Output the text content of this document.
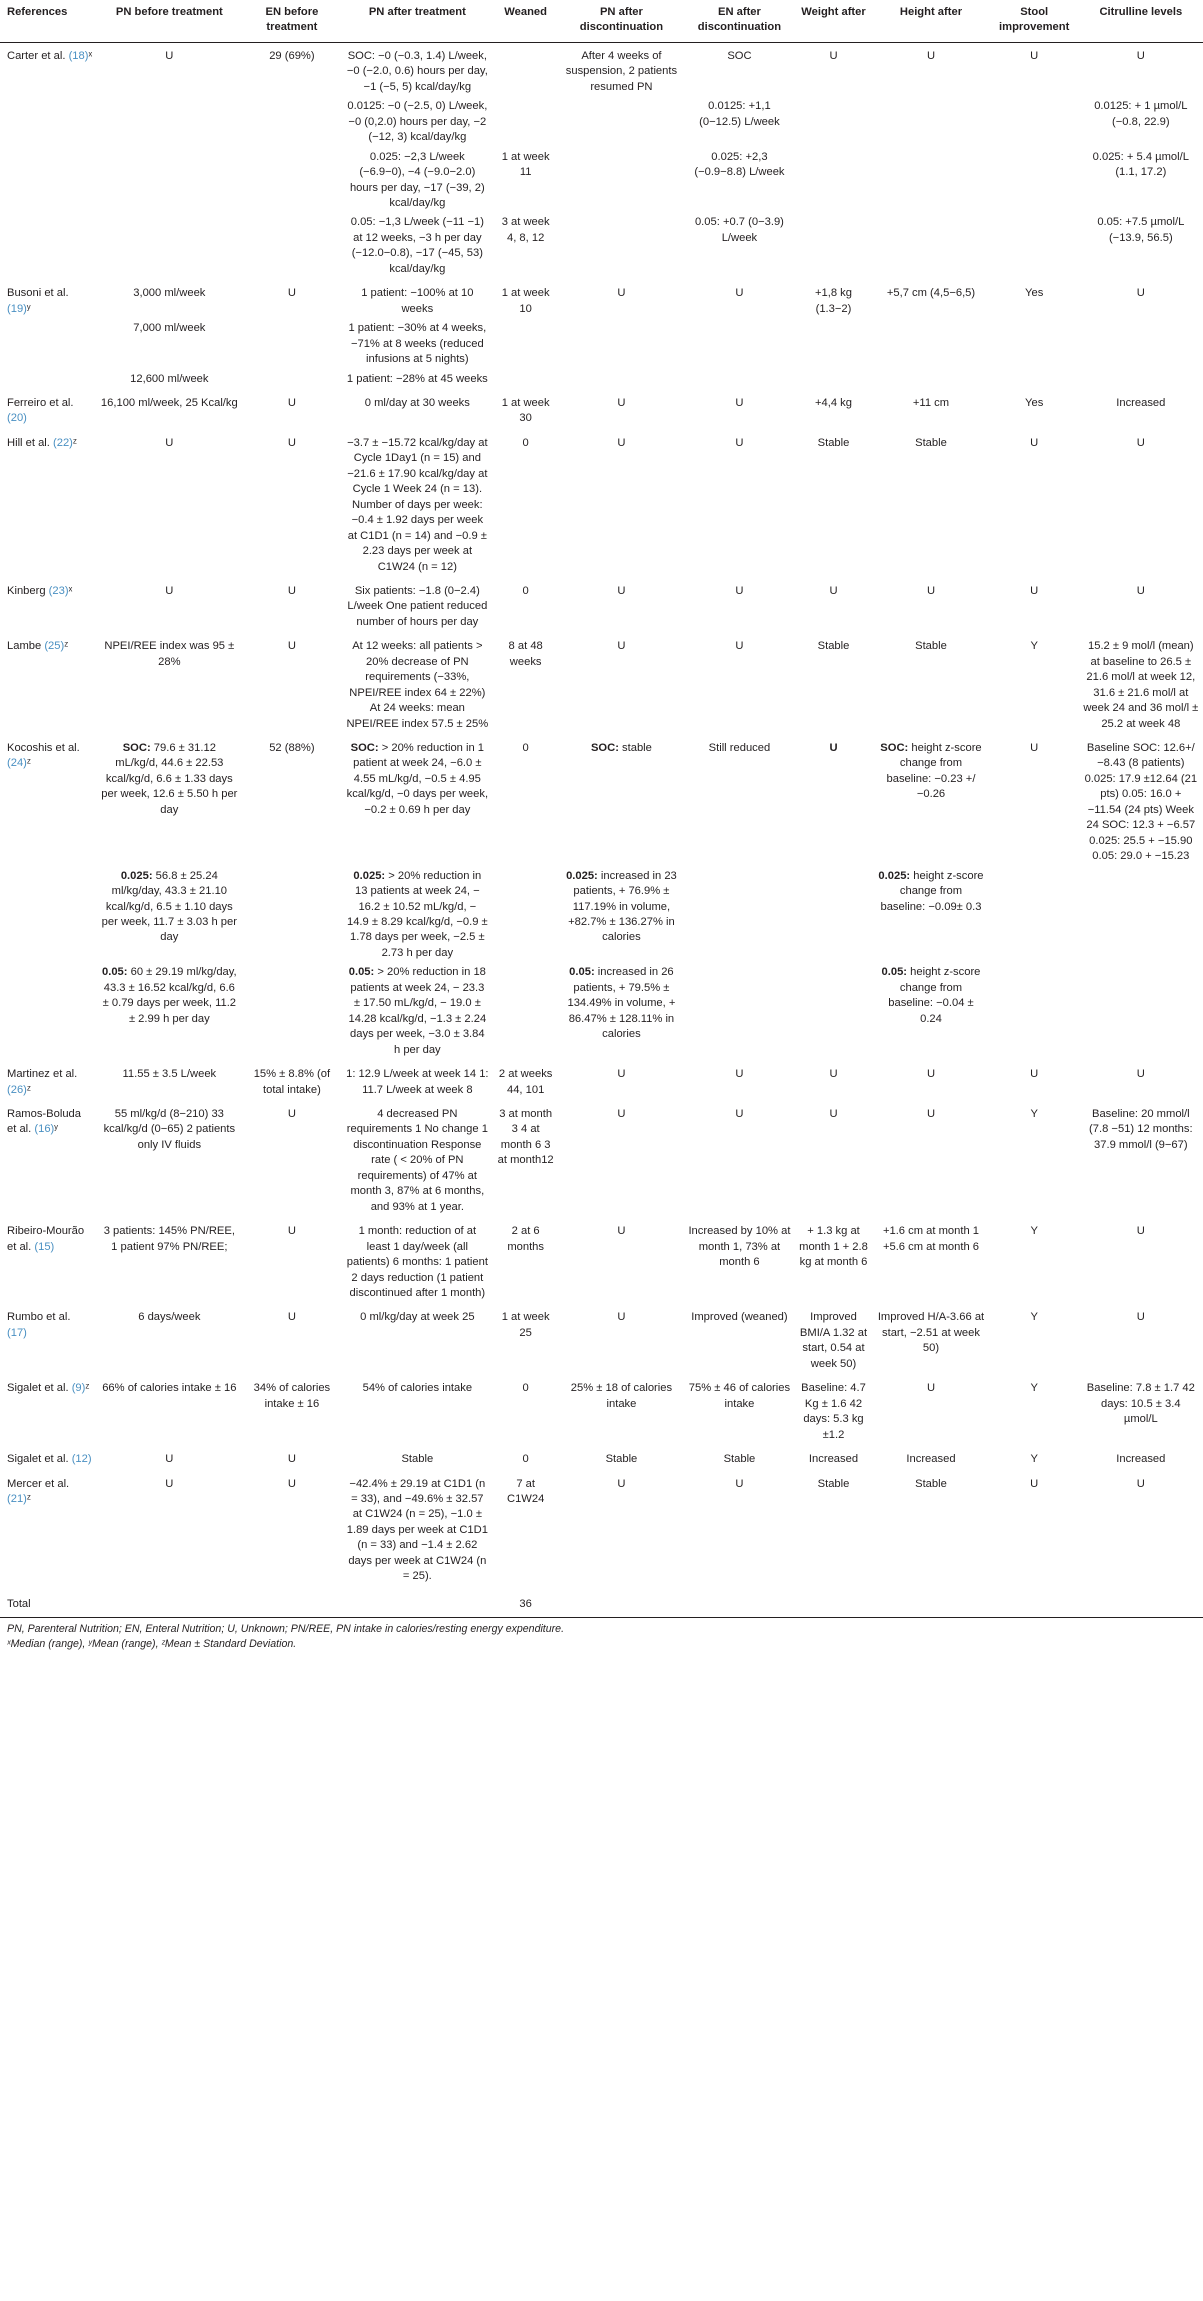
References	PN before treatment	EN before treatment	PN after treatment	Weaned	PN after discontinuation	EN after discontinuation	Weight after	Height after	Stool improvement	Citrulline levels
Carter et al. (18)ˣ	U	29 (69%)	SOC: −0 (−0.3, 1.4) L/week, −0 (−2.0, 0.6) hours per day, −1 (−5, 5) kcal/day/kg		After 4 weeks of suspension, 2 patients resumed PN	SOC	U	U	U	U
			0.0125: −0 (−2.5, 0) L/week, −0 (0,2.0) hours per day, −2 (−12, 3) kcal/day/kg			0.0125: +1,1 (0−12.5) L/week				0.0125: + 1 µmol/L (−0.8, 22.9)
			0.025: −2,3 L/week (−6.9−0), −4 (−9.0−2.0) hours per day, −17 (−39, 2) kcal/day/kg	1 at week 11		0.025: +2,3 (−0.9−8.8) L/week				0.025: + 5.4 µmol/L (1.1, 17.2)
			0.05: −1,3 L/week (−11 −1) at 12 weeks, −3 h per day (−12.0−0.8), −17 (−45, 53) kcal/day/kg	3 at week 4, 8, 12		0.05: +0.7 (0−3.9) L/week				0.05: +7.5 µmol/L (−13.9, 56.5)
Busoni et al. (19)ʸ	3,000 ml/week	U	1 patient: −100% at 10 weeks	1 at week 10	U	U	+1,8 kg (1.3−2)	+5,7 cm (4,5−6,5)	Yes	U
	7,000 ml/week		1 patient: −30% at 4 weeks, −71% at 8 weeks (reduced infusions at 5 nights)							
	12,600 ml/week		1 patient: −28% at 45 weeks							
Ferreiro et al. (20)	16,100 ml/week, 25 Kcal/kg	U	0 ml/day at 30 weeks	1 at week 30	U	U	+4,4 kg	+11 cm	Yes	Increased
Hill et al. (22)ᶻ	U	U	−3.7 ± −15.72 kcal/kg/day at Cycle 1Day1 (n = 15) and −21.6 ± 17.90 kcal/kg/day at Cycle 1 Week 24 (n = 13). Number of days per week: −0.4 ± 1.92 days per week at C1D1 (n = 14) and −0.9 ± 2.23 days per week at C1W24 (n = 12)	0	U	U	Stable	Stable	U	U
Kinberg (23)ˣ	U	U	Six patients: −1.8 (0−2.4) L/week One patient reduced number of hours per day	0	U	U	U	U	U	U
Lambe (25)ᶻ	NPEI/REE index was 95 ± 28%	U	At 12 weeks: all patients > 20% decrease of PN requirements (−33%, NPEI/REE index 64 ± 22%) At 24 weeks: mean NPEI/REE index 57.5 ± 25%	8 at 48 weeks	U	U	Stable	Stable	Y	15.2 ± 9 mol/l (mean) at baseline to 26.5 ± 21.6 mol/l at week 12, 31.6 ± 21.6 mol/l at week 24 and 36 mol/l ± 25.2 at week 48
Kocoshis et al. (24)ᶻ	SOC: 79.6 ± 31.12 mL/kg/d, 44.6 ± 22.53 kcal/kg/d, 6.6 ± 1.33 days per week, 12.6 ± 5.50 h per day	52 (88%)	SOC: > 20% reduction in 1 patient at week 24, −6.0 ± 4.55 mL/kg/d, −0.5 ± 4.95 kcal/kg/d, −0 days per week, −0.2 ± 0.69 h per day	0	SOC: stable	Still reduced	U	SOC: height z-score change from baseline: −0.23 +/−0.26	U	Baseline SOC: 12.6+/−8.43 (8 patients) 0.025: 17.9 ±12.64 (21 pts) 0.05: 16.0 + −11.54 (24 pts) Week 24 SOC: 12.3 + −6.57 0.025: 25.5 + −15.90 0.05: 29.0 + −15.23
	0.025: 56.8 ± 25.24 ml/kg/day, 43.3 ± 21.10 kcal/kg/d, 6.5 ± 1.10 days per week, 11.7 ± 3.03 h per day		0.025: > 20% reduction in 13 patients at week 24, − 16.2 ± 10.52 mL/kg/d, − 14.9 ± 8.29 kcal/kg/d, −0.9 ± 1.78 days per week, −2.5 ± 2.73 h per day		0.025: increased in 23 patients, + 76.9% ± 117.19% in volume, +82.7% ± 136.27% in calories			0.025: height z-score change from baseline: −0.09± 0.3		
	0.05: 60 ± 29.19 ml/kg/day, 43.3 ± 16.52 kcal/kg/d, 6.6 ± 0.79 days per week, 11.2 ± 2.99 h per day		0.05: > 20% reduction in 18 patients at week 24, − 23.3 ± 17.50 mL/kg/d, − 19.0 ± 14.28 kcal/kg/d, −1.3 ± 2.24 days per week, −3.0 ± 3.84 h per day		0.05: increased in 26 patients, + 79.5% ± 134.49% in volume, + 86.47% ± 128.11% in calories			0.05: height z-score change from baseline: −0.04 ± 0.24		
Martinez et al. (26)ᶻ	11.55 ± 3.5 L/week	15% ± 8.8% (of total intake)	1: 12.9 L/week at week 14 1: 11.7 L/week at week 8	2 at weeks 44, 101	U	U	U	U	U	U
Ramos-Boluda et al. (16)ʸ	55 ml/kg/d (8−210) 33 kcal/kg/d (0−65) 2 patients only IV fluids	U	4 decreased PN requirements 1 No change 1 discontinuation Response rate ( < 20% of PN requirements) of 47% at month 3, 87% at 6 months, and 93% at 1 year.	3 at month 3 4 at month 6 3 at month12	U	U	U	U	Y	Baseline: 20 mmol/l (7.8 −51) 12 months: 37.9 mmol/l (9−67)
Ribeiro-Mourão et al. (15)	3 patients: 145% PN/REE, 1 patient 97% PN/REE;	U	1 month: reduction of at least 1 day/week (all patients) 6 months: 1 patient 2 days reduction (1 patient discontinued after 1 month)	2 at 6 months	U	Increased by 10% at month 1, 73% at month 6	+ 1.3 kg at month 1 + 2.8 kg at month 6	+1.6 cm at month 1 +5.6 cm at month 6	Y	U
Rumbo et al. (17)	6 days/week	U	0 ml/kg/day at week 25	1 at week 25	U	Improved (weaned)	Improved BMI/A 1.32 at start, 0.54 at week 50)	Improved H/A-3.66 at start, −2.51 at week 50)	Y	U
Sigalet et al. (9)ᶻ	66% of calories intake ± 16	34% of calories intake ± 16	54% of calories intake	0	25% ± 18 of calories intake	75% ± 46 of calories intake	Baseline: 4.7 Kg ± 1.6 42 days: 5.3 kg ±1.2	U	Y	Baseline: 7.8 ± 1.7 42 days: 10.5 ± 3.4 µmol/L
Sigalet et al. (12)	U	U	Stable	0	Stable	Stable	Increased	Increased	Y	Increased
Mercer et al. (21)ᶻ	U	U	−42.4% ± 29.19 at C1D1 (n = 33), and −49.6% ± 32.57 at C1W24 (n = 25), −1.0 ± 1.89 days per week at C1D1 (n = 33) and −1.4 ± 2.62 days per week at C1W24 (n = 25).	7 at C1W24	U	U	Stable	Stable	U	U
Total				36						
PN, Parenteral Nutrition; EN, Enteral Nutrition; U, Unknown; PN/REE, PN intake in calories/resting energy expenditure.
ˣMedian (range), ʸMean (range), ᶻMean ± Standard Deviation.
